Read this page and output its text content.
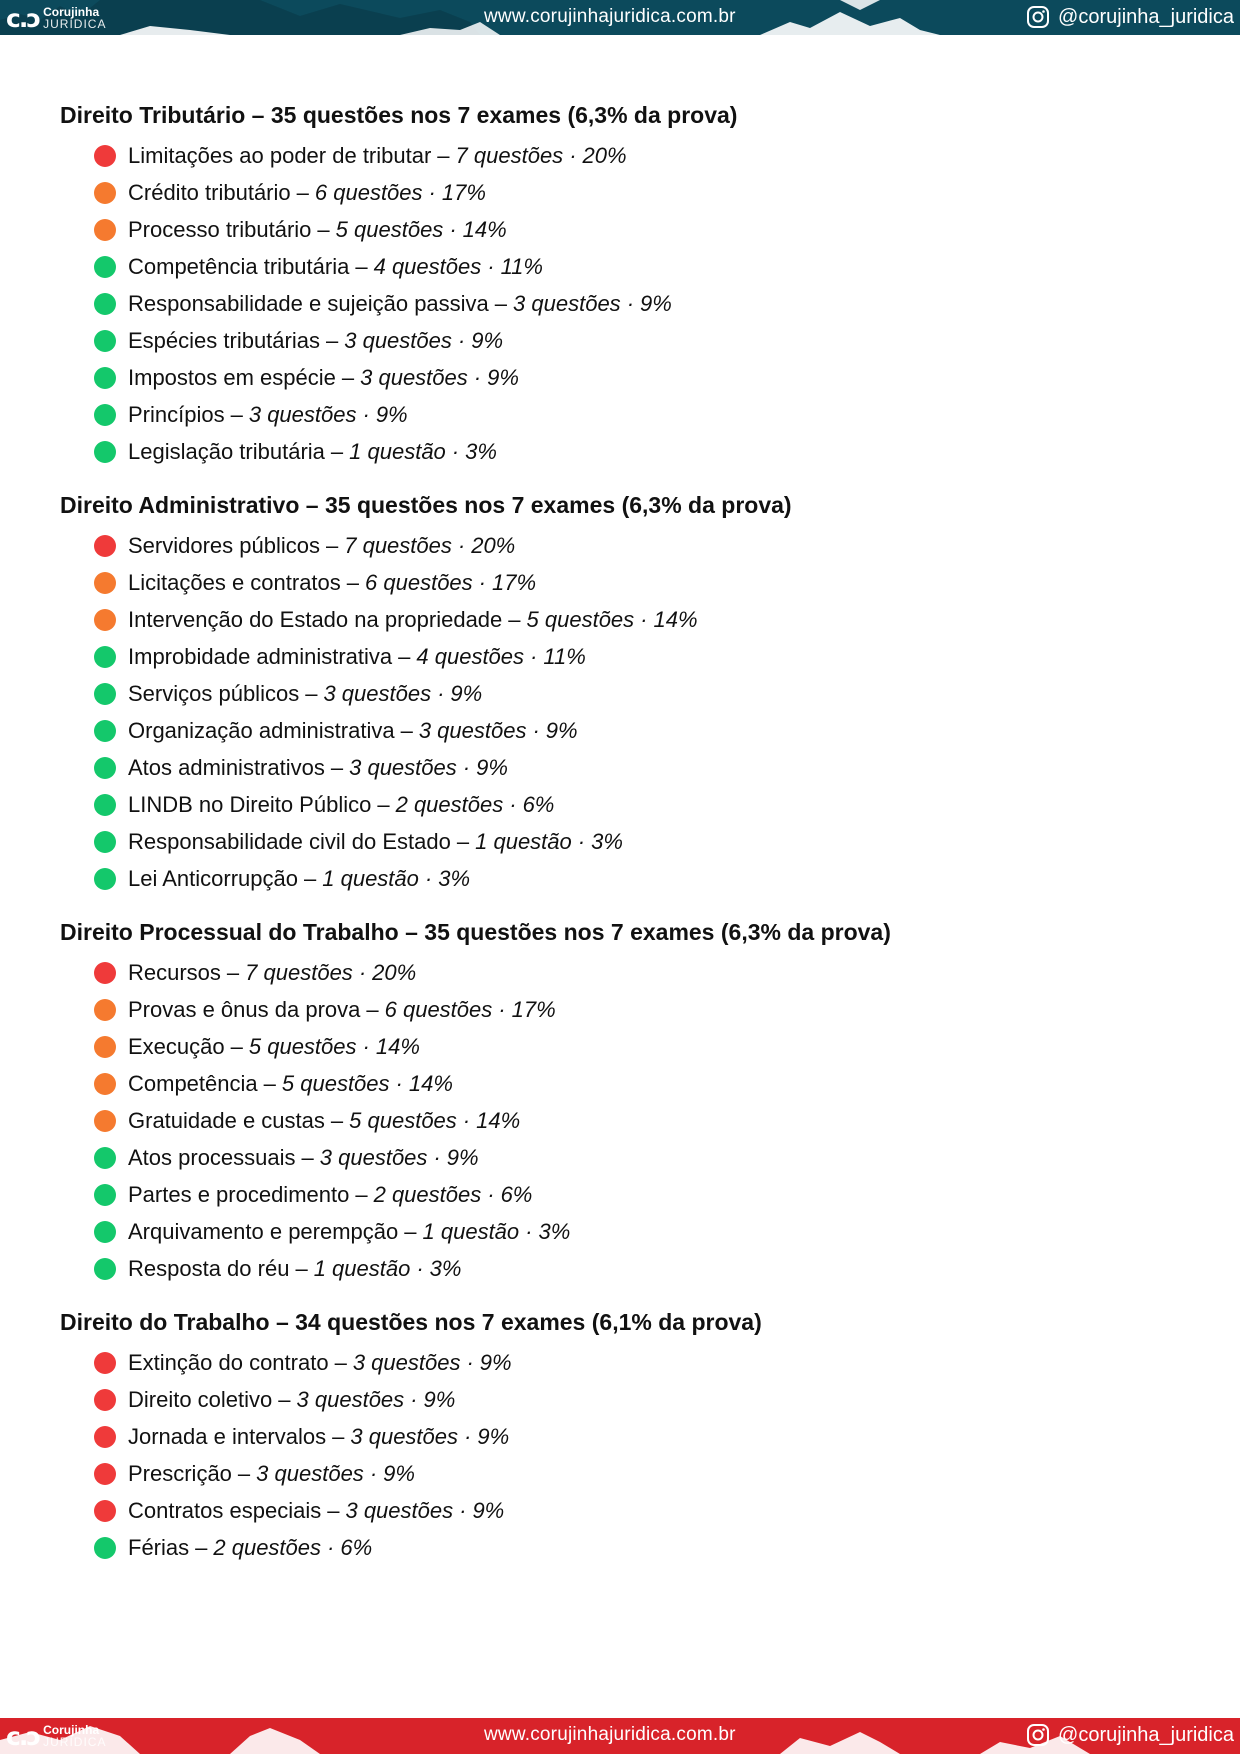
c.ɔ Corujinha
JURÍDICA	www.corujinhajuridica.com.br	@corujinha_juridica
Direito Tributário – 35 questões nos 7 exames (6,3% da prova)
Limitações ao poder de tributar – 7 questões · 20%
Crédito tributário – 6 questões · 17%
Processo tributário – 5 questões · 14%
Competência tributária – 4 questões · 11%
Responsabilidade e sujeição passiva – 3 questões · 9%
Espécies tributárias – 3 questões · 9%
Impostos em espécie – 3 questões · 9%
Princípios – 3 questões · 9%
Legislação tributária – 1 questão · 3%
Direito Administrativo – 35 questões nos 7 exames (6,3% da prova)
Servidores públicos – 7 questões · 20%
Licitações e contratos – 6 questões · 17%
Intervenção do Estado na propriedade – 5 questões · 14%
Improbidade administrativa – 4 questões · 11%
Serviços públicos – 3 questões · 9%
Organização administrativa – 3 questões · 9%
Atos administrativos – 3 questões · 9%
LINDB no Direito Público – 2 questões · 6%
Responsabilidade civil do Estado – 1 questão · 3%
Lei Anticorrupção – 1 questão · 3%
Direito Processual do Trabalho – 35 questões nos 7 exames (6,3% da prova)
Recursos – 7 questões · 20%
Provas e ônus da prova – 6 questões · 17%
Execução – 5 questões · 14%
Competência – 5 questões · 14%
Gratuidade e custas – 5 questões · 14%
Atos processuais – 3 questões · 9%
Partes e procedimento – 2 questões · 6%
Arquivamento e perempção – 1 questão · 3%
Resposta do réu – 1 questão · 3%
Direito do Trabalho – 34 questões nos 7 exames (6,1% da prova)
Extinção do contrato – 3 questões · 9%
Direito coletivo – 3 questões · 9%
Jornada e intervalos – 3 questões · 9%
Prescrição – 3 questões · 9%
Contratos especiais – 3 questões · 9%
Férias – 2 questões · 6%
c.ɔ Corujinha
JURÍDICA	www.corujinhajuridica.com.br	@corujinha_juridica
